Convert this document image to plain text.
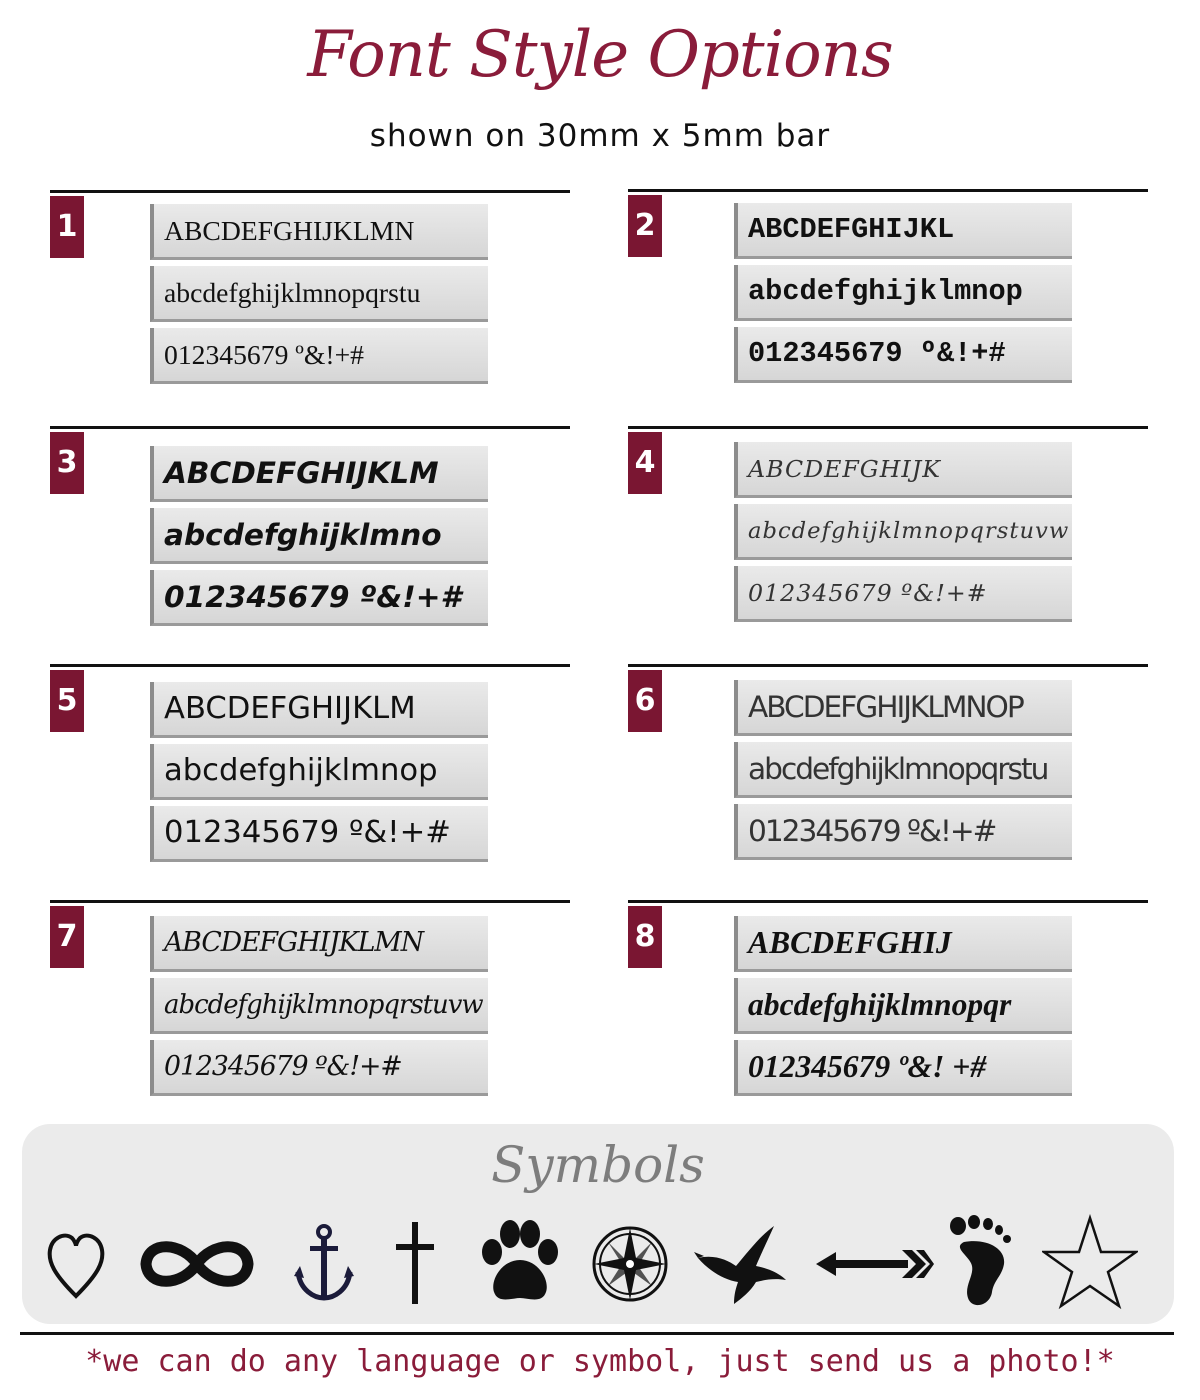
Font Style Options
shown on 30mm x 5mm bar
1	ABCDEFGHIJKLMN
abcdefghijklmnopqrstu
012345679 º&!+#
2	ABCDEFGHIJKL
abcdefghijklmnop
012345679 º&!+#
3	ABCDEFGHIJKLM
abcdefghijklmno
012345679 º&!+#
4	ABCDEFGHIJK
abcdefghijklmnopqrstuvw
012345679 º&!+#
5	ABCDEFGHIJKLM
abcdefghijklmnop
012345679 º&!+#
6	ABCDEFGHIJKLMNOP
abcdefghijklmnopqrstu
012345679 º&!+#
7	ABCDEFGHIJKLMN
abcdefghijklmnopqrstuvw
012345679 º&!+#
8	ABCDEFGHIJ
abcdefghijklmnopqr
012345679 º&! +#
Symbols
*we can do any language or symbol, just send us a photo!*
